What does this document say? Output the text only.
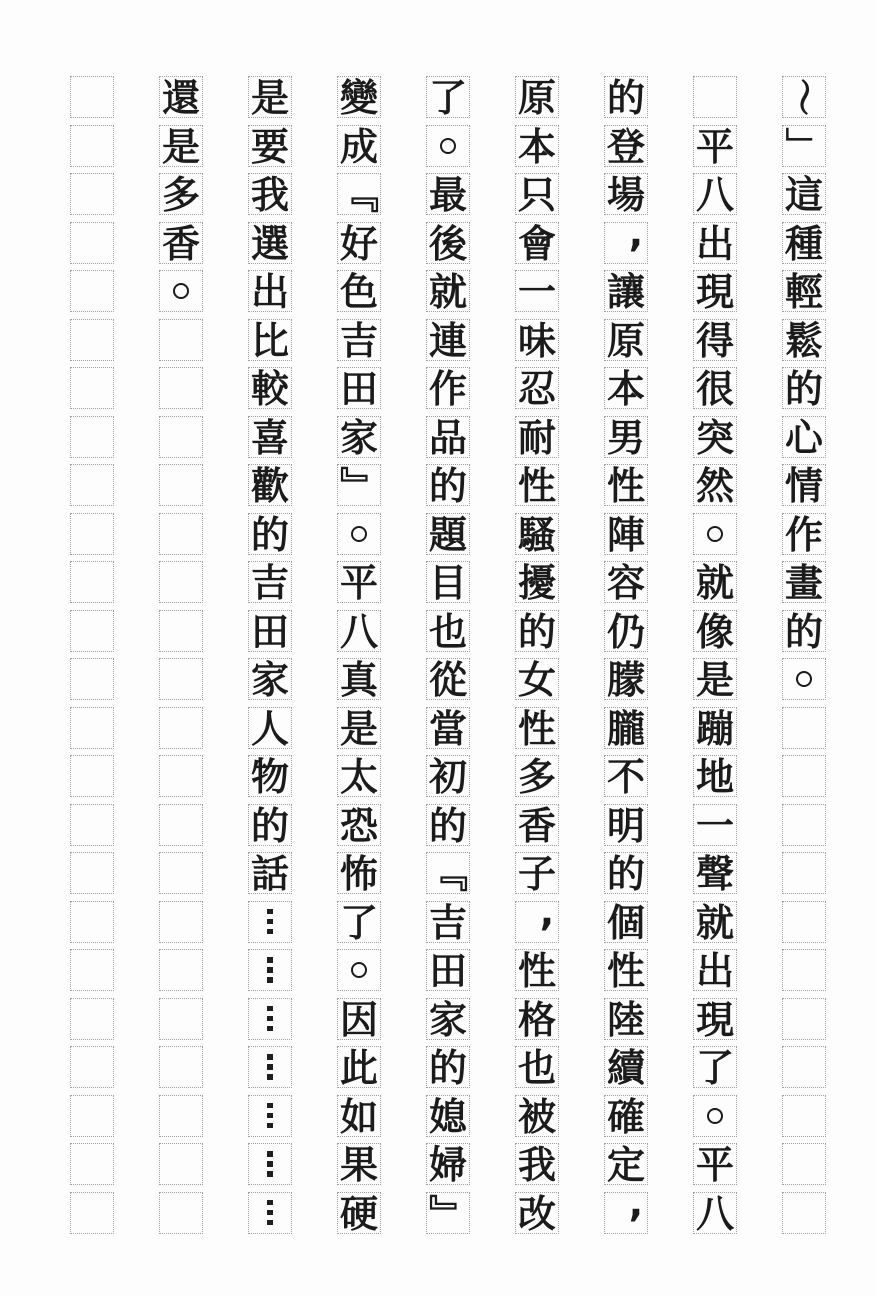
〜
」
這
種
輕
鬆
的
心
情
作
畫
的
平
八
出
現
得
很
突
然
就
像
是
蹦
地
一
聲
就
出
現
了
平
八
的
登
場
,
讓
原
本
男
性
陣
容
仍
朦
朧
不
明
的
個
性
陸
續
確
定
,
原
本
只
會
一
味
忍
耐
性
騷
擾
的
女
性
多
香
子
,
性
格
也
被
我
改
了
最
後
就
連
作
品
的
題
目
也
從
當
初
的
『
吉
田
家
的
媳
婦
』
變
成
『
好
色
吉
田
家
』
平
八
真
是
太
恐
怖
了
因
此
如
果
硬
是
要
我
選
出
比
較
喜
歡
的
吉
田
家
人
物
的
話
還
是
多
香
